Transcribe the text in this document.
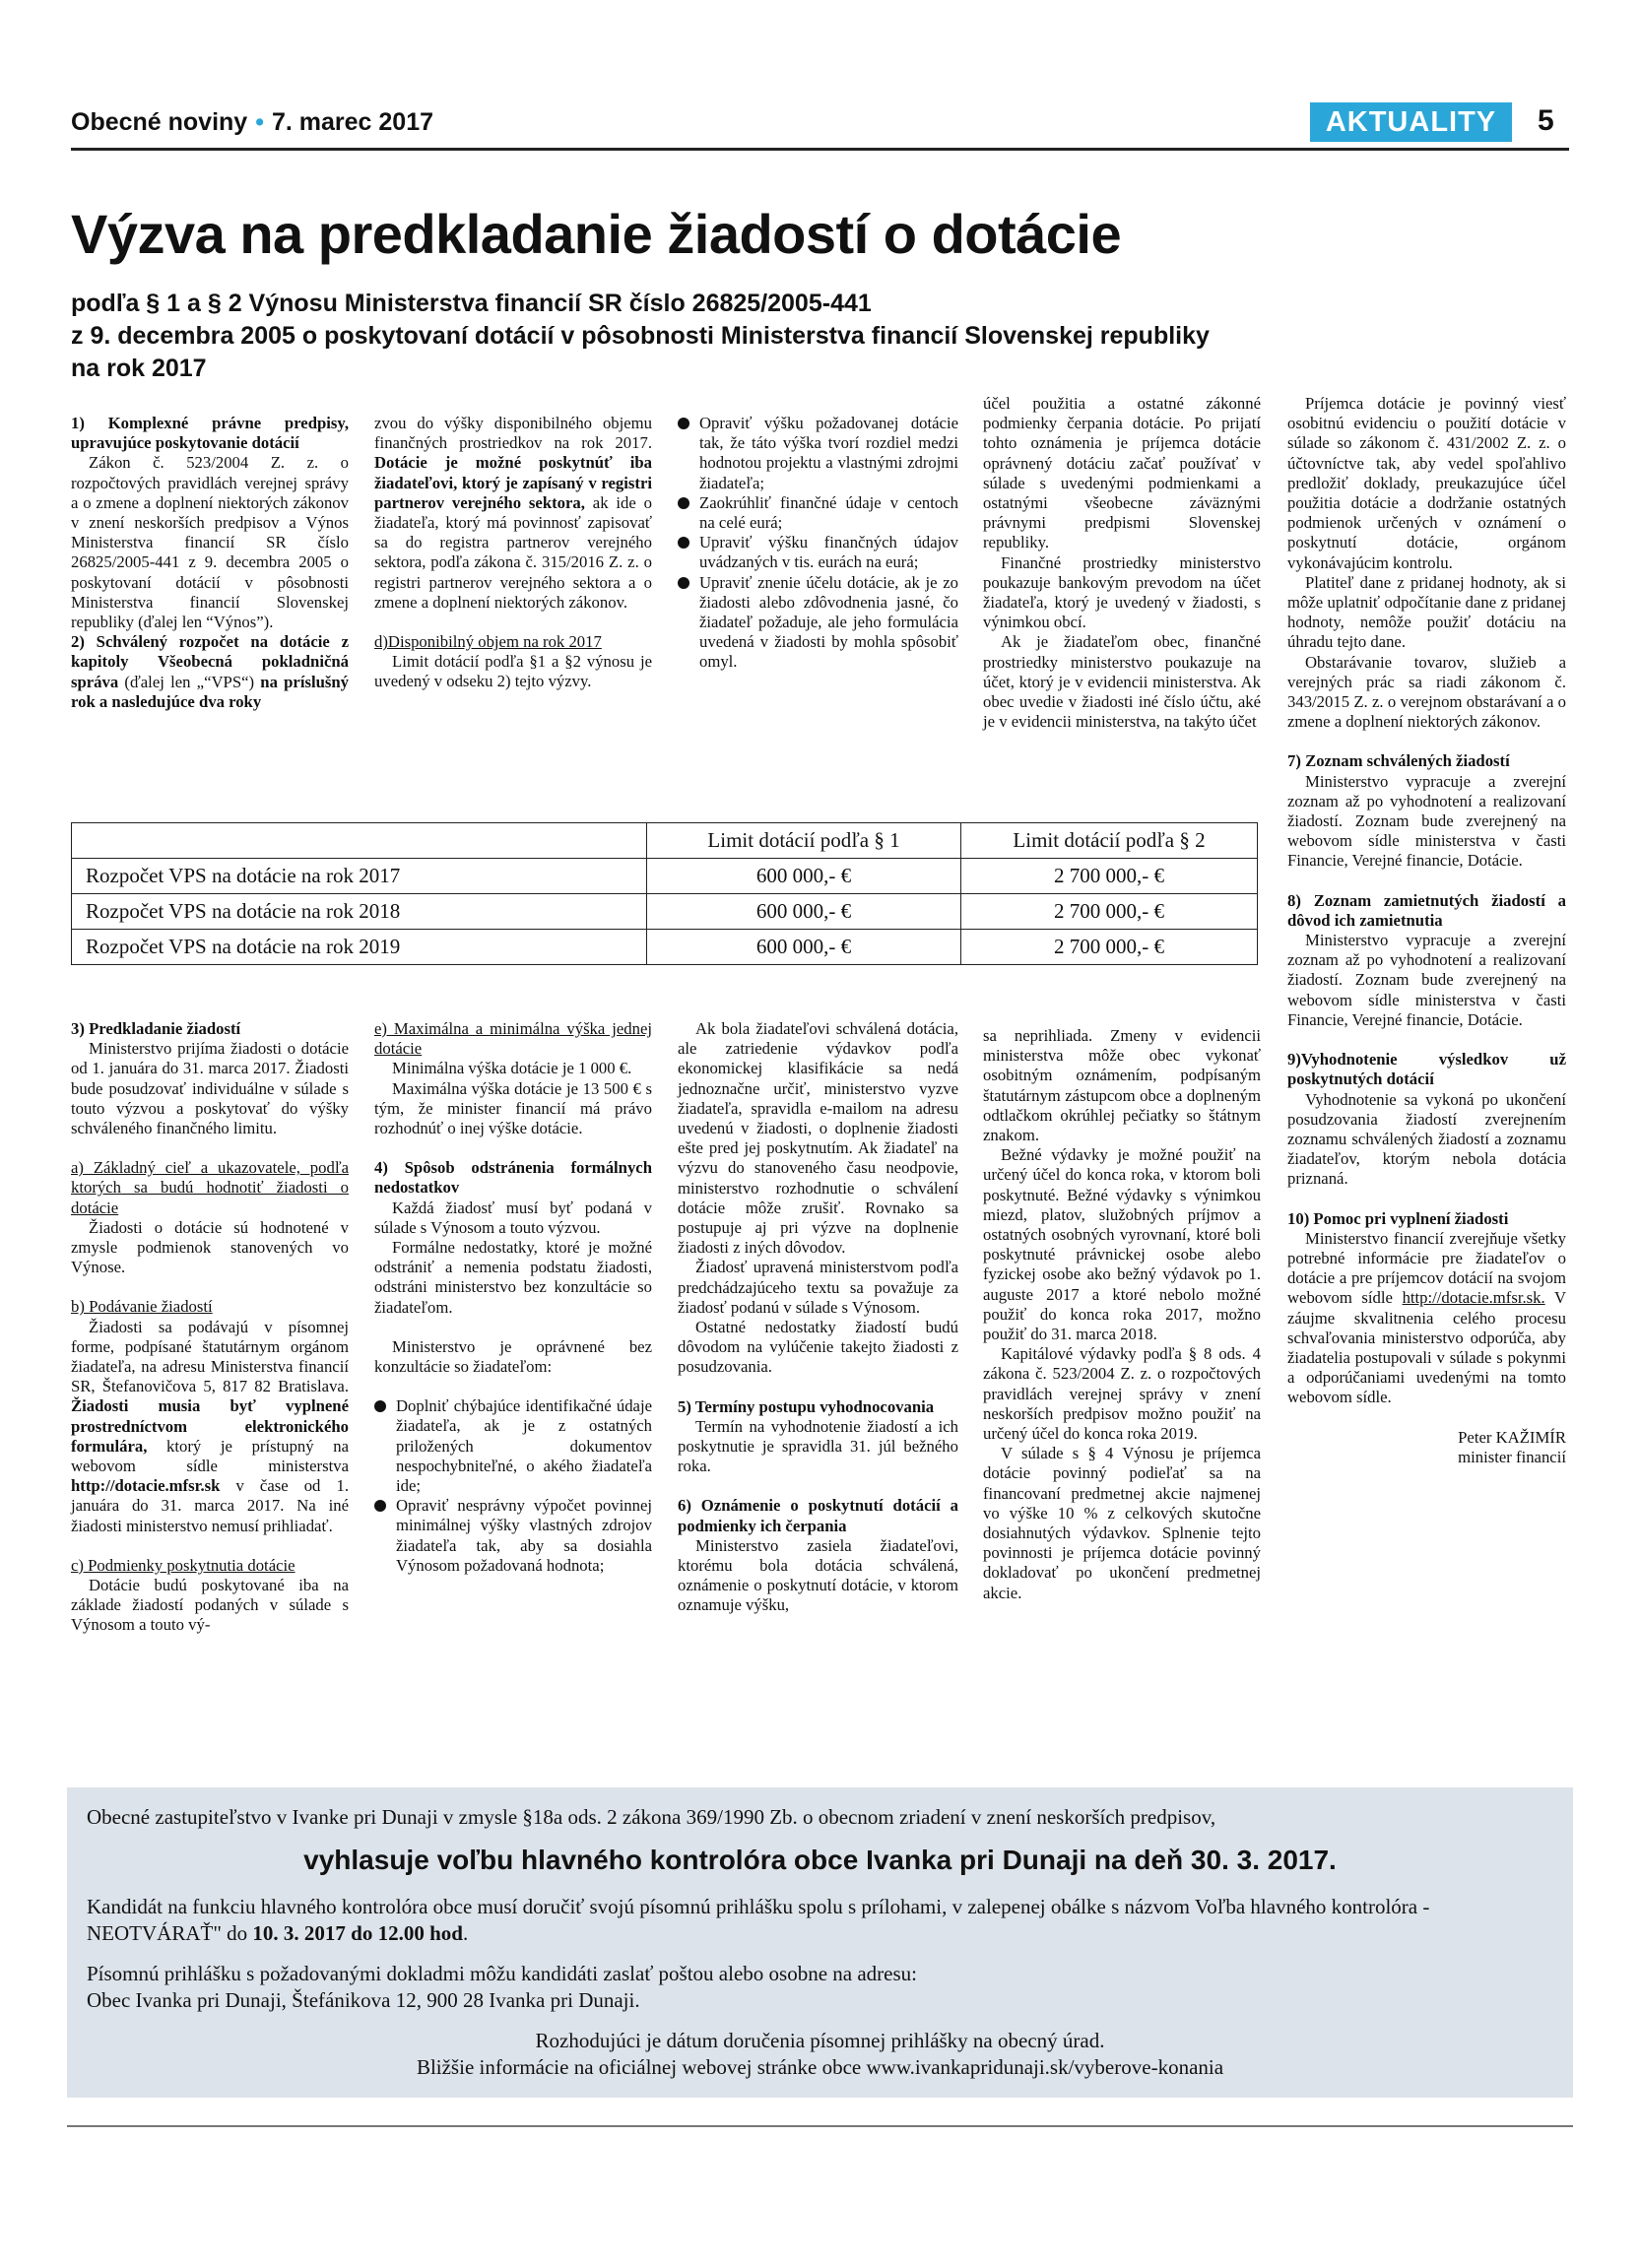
Obecné noviny • 7. marec 2017	AKTUALITY	5
Výzva na predkladanie žiadostí o dotácie
podľa § 1 a § 2 Výnosu Ministerstva financií SR číslo 26825/2005-441
z 9. decembra 2005 o poskytovaní dotácií v pôsobnosti Ministerstva financií Slovenskej republiky
na rok 2017

1) Komplexné právne predpisy, upravujúce poskytovanie dotácií

Zákon č. 523/2004 Z. z. o rozpočtových pravidlách verejnej správy a o zmene a doplnení niektorých zákonov v znení neskorších predpisov a Výnos Ministerstva financií SR číslo 26825/2005-441 z 9. decembra 2005 o poskytovaní dotácií v pôsobnosti Ministerstva financií Slovenskej republiky (ďalej len “Výnos”).

2) Schválený rozpočet na dotácie z kapitoly Všeobecná pokladničná správa (ďalej len „“VPS“) na príslušný rok a nasledujúce dva roky

zvou do výšky disponibilného objemu finančných prostriedkov na rok 2017. Dotácie je možné poskytnúť iba žiadateľovi, ktorý je zapísaný v registri partnerov verejného sektora, ak ide o žiadateľa, ktorý má povinnosť zapisovať sa do registra partnerov verejného sektora, podľa zákona č. 315/2016 Z. z. o registri partnerov verejného sektora a o zmene a doplnení niektorých zákonov.

d)Disponibilný objem na rok 2017

Limit dotácií podľa §1 a §2 výnosu je uvedený v odseku 2) tejto výzvy.

Opraviť výšku požadovanej dotácie tak, že táto výška tvorí rozdiel medzi hodnotou projektu a vlastnými zdrojmi žiadateľa;

Zaokrúhliť finančné údaje v centoch na celé eurá;

Upraviť výšku finančných údajov uvádzaných v tis. eurách na eurá;

Upraviť znenie účelu dotácie, ak je zo žiadosti alebo zdôvodnenia jasné, čo žiadateľ požaduje, ale jeho formulácia uvedená v žiadosti by mohla spôsobiť omyl.

účel použitia a ostatné zákonné podmienky čerpania dotácie. Po prijatí tohto oznámenia je príjemca dotácie oprávnený dotáciu začať používať v súlade s uvedenými podmienkami a ostatnými všeobecne záväznými právnymi predpismi Slovenskej republiky.

Finančné prostriedky ministerstvo poukazuje bankovým prevodom na účet žiadateľa, ktorý je uvedený v žiadosti, s výnimkou obcí.

Ak je žiadateľom obec, finančné prostriedky ministerstvo poukazuje na účet, ktorý je v evidencii ministerstva. Ak obec uvedie v žiadosti iné číslo účtu, aké je v evidencii ministerstva, na takýto účet

Príjemca dotácie je povinný viesť osobitnú evidenciu o použití dotácie v súlade so zákonom č. 431/2002 Z. z. o účtovníctve tak, aby vedel spoľahlivo predložiť doklady, preukazujúce účel použitia dotácie a dodržanie ostatných podmienok určených v oznámení o poskytnutí dotácie, orgánom vykonávajúcim kontrolu.

Platiteľ dane z pridanej hodnoty, ak si môže uplatniť odpočítanie dane z pridanej hodnoty, nemôže použiť dotáciu na úhradu tejto dane.

Obstarávanie tovarov, služieb a verejných prác sa riadi zákonom č. 343/2015 Z. z. o verejnom obstarávaní a o zmene a doplnení niektorých zákonov.

7) Zoznam schválených žiadostí

Ministerstvo vypracuje a zverejní zoznam až po vyhodnotení a realizovaní žiadostí. Zoznam bude zverejnený na webovom sídle ministerstva v časti Financie, Verejné financie, Dotácie.

8) Zoznam zamietnutých žiadostí a dôvod ich zamietnutia

Ministerstvo vypracuje a zverejní zoznam až po vyhodnotení a realizovaní žiadostí. Zoznam bude zverejnený na webovom sídle ministerstva v časti Financie, Verejné financie, Dotácie.

9)Vyhodnotenie výsledkov už poskytnutých dotácií

Vyhodnotenie sa vykoná po ukončení posudzovania žiadostí zverejnením zoznamu schválených žiadostí a zoznamu žiadateľov, ktorým nebola dotácia priznaná.

10) Pomoc pri vyplnení žiadosti

Ministerstvo financií zverejňuje všetky potrebné informácie pre žiadateľov o dotácie a pre príjemcov dotácií na svojom webovom sídle http://dotacie.mfsr.sk. V záujme skvalitnenia celého procesu schvaľovania ministerstvo odporúča, aby žiadatelia postupovali v súlade s pokynmi a odporúčaniami uvedenými na tomto webovom sídle.

Peter KAŽIMÍR

minister financií

	Limit dotácií podľa § 1	Limit dotácií podľa § 2
Rozpočet VPS na dotácie na rok 2017	600 000,- €	2 700 000,- €
Rozpočet VPS na dotácie na rok 2018	600 000,- €	2 700 000,- €
Rozpočet VPS na dotácie na rok 2019	600 000,- €	2 700 000,- €

3) Predkladanie žiadostí

Ministerstvo prijíma žiadosti o dotácie od 1. januára do 31. marca 2017. Žiadosti bude posudzovať individuálne v súlade s touto výzvou a poskytovať do výšky schváleného finančného limitu.

a) Základný cieľ a ukazovatele, podľa ktorých sa budú hodnotiť žiadosti o dotácie

Žiadosti o dotácie sú hodnotené v zmysle podmienok stanovených vo Výnose.

b) Podávanie žiadostí

Žiadosti sa podávajú v písomnej forme, podpísané štatutárnym orgánom žiadateľa, na adresu Ministerstva financií SR, Štefanovičova 5, 817 82 Bratislava. Žiadosti musia byť vyplnené prostredníctvom elektronického formulára, ktorý je prístupný na webovom sídle ministerstva http://dotacie.mfsr.sk v čase od 1. januára do 31. marca 2017. Na iné žiadosti ministerstvo nemusí prihliadať.

c) Podmienky poskytnutia dotácie

Dotácie budú poskytované iba na základe žiadostí podaných v súlade s Výnosom a touto vý-

e) Maximálna a minimálna výška jednej dotácie

Minimálna výška dotácie je 1 000 €.

Maximálna výška dotácie je 13 500 € s tým, že minister financií má právo rozhodnúť o inej výške dotácie.

4) Spôsob odstránenia formálnych nedostatkov

Každá žiadosť musí byť podaná v súlade s Výnosom a touto výzvou.

Formálne nedostatky, ktoré je možné odstrániť a nemenia podstatu žiadosti, odstráni ministerstvo bez konzultácie so žiadateľom.

Ministerstvo je oprávnené bez konzultácie so žiadateľom:

Doplniť chýbajúce identifikačné údaje žiadateľa, ak je z ostatných priložených dokumentov nespochybniteľné, o akého žiadateľa ide;

Opraviť nesprávny výpočet povinnej minimálnej výšky vlastných zdrojov žiadateľa tak, aby sa dosiahla Výnosom požadovaná hodnota;

Ak bola žiadateľovi schválená dotácia, ale zatriedenie výdavkov podľa ekonomickej klasifikácie sa nedá jednoznačne určiť, ministerstvo vyzve žiadateľa, spravidla e-mailom na adresu uvedenú v žiadosti, o doplnenie žiadosti ešte pred jej poskytnutím. Ak žiadateľ na výzvu do stanoveného času neodpovie, ministerstvo rozhodnutie o schválení dotácie môže zrušiť. Rovnako sa postupuje aj pri výzve na doplnenie žiadosti z iných dôvodov.

Žiadosť upravená ministerstvom podľa predchádzajúceho textu sa považuje za žiadosť podanú v súlade s Výnosom.

Ostatné nedostatky žiadostí budú dôvodom na vylúčenie takejto žiadosti z posudzovania.

5) Termíny postupu vyhodnocovania

Termín na vyhodnotenie žiadostí a ich poskytnutie je spravidla 31. júl bežného roka.

6) Oznámenie o poskytnutí dotácií a podmienky ich čerpania

Ministerstvo zasiela žiadateľovi, ktorému bola dotácia schválená, oznámenie o poskytnutí dotácie, v ktorom oznamuje výšku,

sa neprihliada. Zmeny v evidencii ministerstva môže obec vykonať osobitným oznámením, podpísaným štatutárnym zástupcom obce a doplneným odtlačkom okrúhlej pečiatky so štátnym znakom.

Bežné výdavky je možné použiť na určený účel do konca roka, v ktorom boli poskytnuté. Bežné výdavky s výnimkou miezd, platov, služobných príjmov a ostatných osobných vyrovnaní, ktoré boli poskytnuté právnickej osobe alebo fyzickej osobe ako bežný výdavok po 1. auguste 2017 a ktoré nebolo možné použiť do konca roka 2017, možno použiť do 31. marca 2018.

Kapitálové výdavky podľa § 8 ods. 4 zákona č. 523/2004 Z. z. o rozpočtových pravidlách verejnej správy v znení neskorších predpisov možno použiť na určený účel do konca roka 2019.

V súlade s § 4 Výnosu je príjemca dotácie povinný podieľať sa na financovaní predmetnej akcie najmenej vo výške 10 % z celkových skutočne dosiahnutých výdavkov. Splnenie tejto povinnosti je príjemca dotácie povinný dokladovať po ukončení predmetnej akcie.

Obecné zastupiteľstvo v Ivanke pri Dunaji v zmysle §18a ods. 2 zákona 369/1990 Zb. o obecnom zriadení v znení neskorších predpisov,
vyhlasuje voľbu hlavného kontrolóra obce Ivanka pri Dunaji na deň 30. 3. 2017.
Kandidát na funkciu hlavného kontrolóra obce musí doručiť svojú písomnú prihlášku spolu s prílohami, v zalepenej obálke s názvom Voľba hlavného kontrolóra - NEOTVÁRAŤ" do 10. 3. 2017 do 12.00 hod.
Písomnú prihlášku s požadovanými dokladmi môžu kandidáti zaslať poštou alebo osobne na adresu:
Obec Ivanka pri Dunaji, Štefánikova 12, 900 28 Ivanka pri Dunaji.
Rozhodujúci je dátum doručenia písomnej prihlášky na obecný úrad.
Bližšie informácie na oficiálnej webovej stránke obce www.ivankapridunaji.sk/vyberove-konania
